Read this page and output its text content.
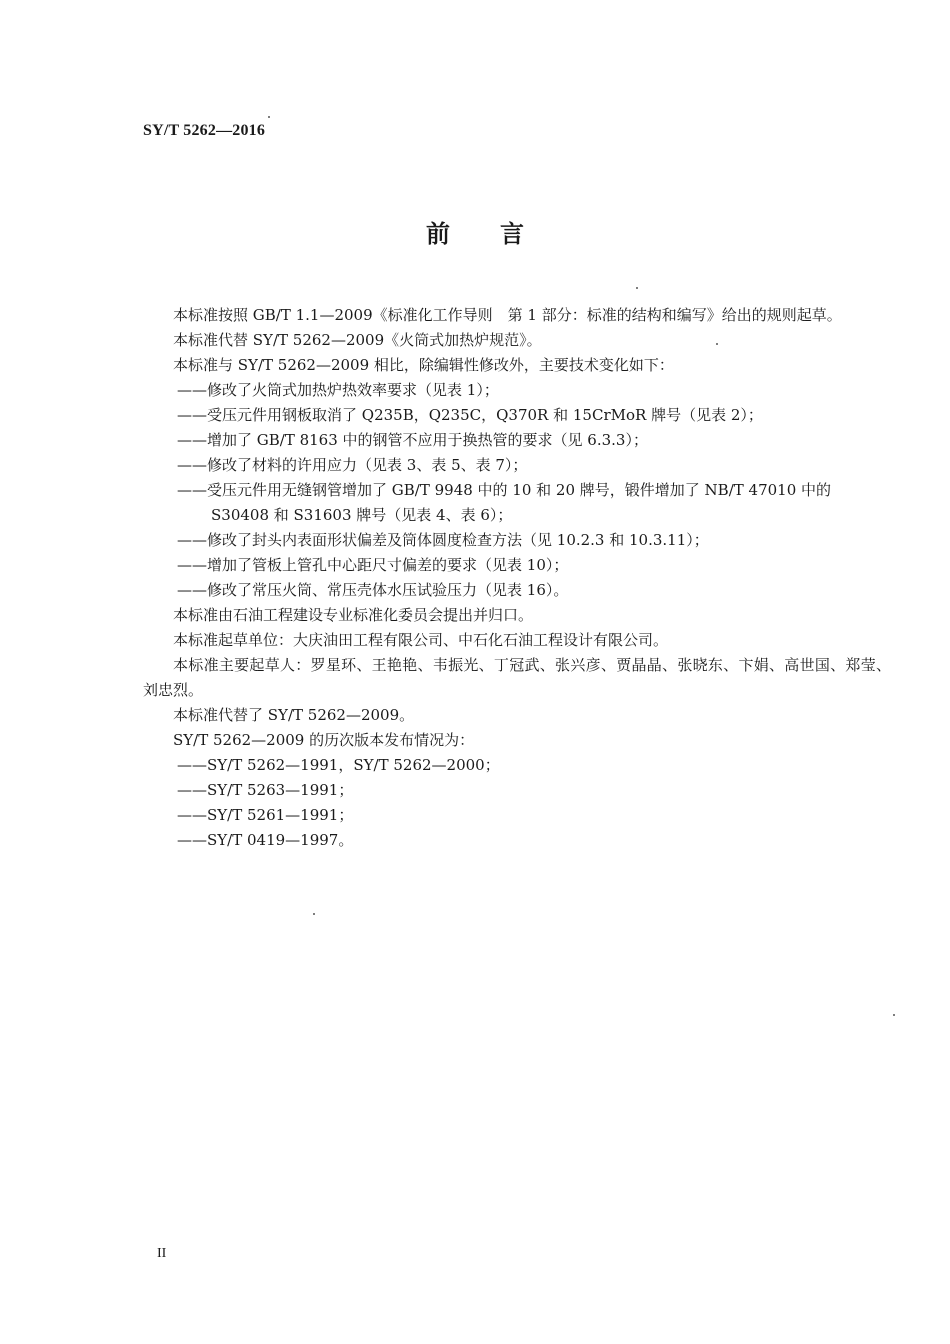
SY/T 5262—2016
前 言

本标准按照 GB/T 1.1—2009《标准化工作导则　第 1 部分：标准的结构和编写》给出的规则起草。

本标准代替 SY/T 5262—2009《火筒式加热炉规范》。

本标准与 SY/T 5262—2009 相比，除编辑性修改外，主要技术变化如下：

——修改了火筒式加热炉热效率要求（见表 1）；

——受压元件用钢板取消了 Q235B，Q235C，Q370R 和 15CrMoR 牌号（见表 2）；

——增加了 GB/T 8163 中的钢管不应用于换热管的要求（见 6.3.3）；

——修改了材料的许用应力（见表 3、表 5、表 7）；

——受压元件用无缝钢管增加了 GB/T 9948 中的 10 和 20 牌号，锻件增加了 NB/T 47010 中的 S30408 和 S31603 牌号（见表 4、表 6）；

——修改了封头内表面形状偏差及筒体圆度检查方法（见 10.2.3 和 10.3.11）；

——增加了管板上管孔中心距尺寸偏差的要求（见表 10）；

——修改了常压火筒、常压壳体水压试验压力（见表 16）。

本标准由石油工程建设专业标准化委员会提出并归口。

本标准起草单位：大庆油田工程有限公司、中石化石油工程设计有限公司。

本标准主要起草人：罗星环、王艳艳、韦振光、丁冠武、张兴彦、贾晶晶、张晓东、卞娟、高世国、郑莹、刘忠烈。

本标准代替了 SY/T 5262—2009。

SY/T 5262—2009 的历次版本发布情况为：

——SY/T 5262—1991，SY/T 5262—2000；

——SY/T 5263—1991；

——SY/T 5261—1991；

——SY/T 0419—1997。

II
